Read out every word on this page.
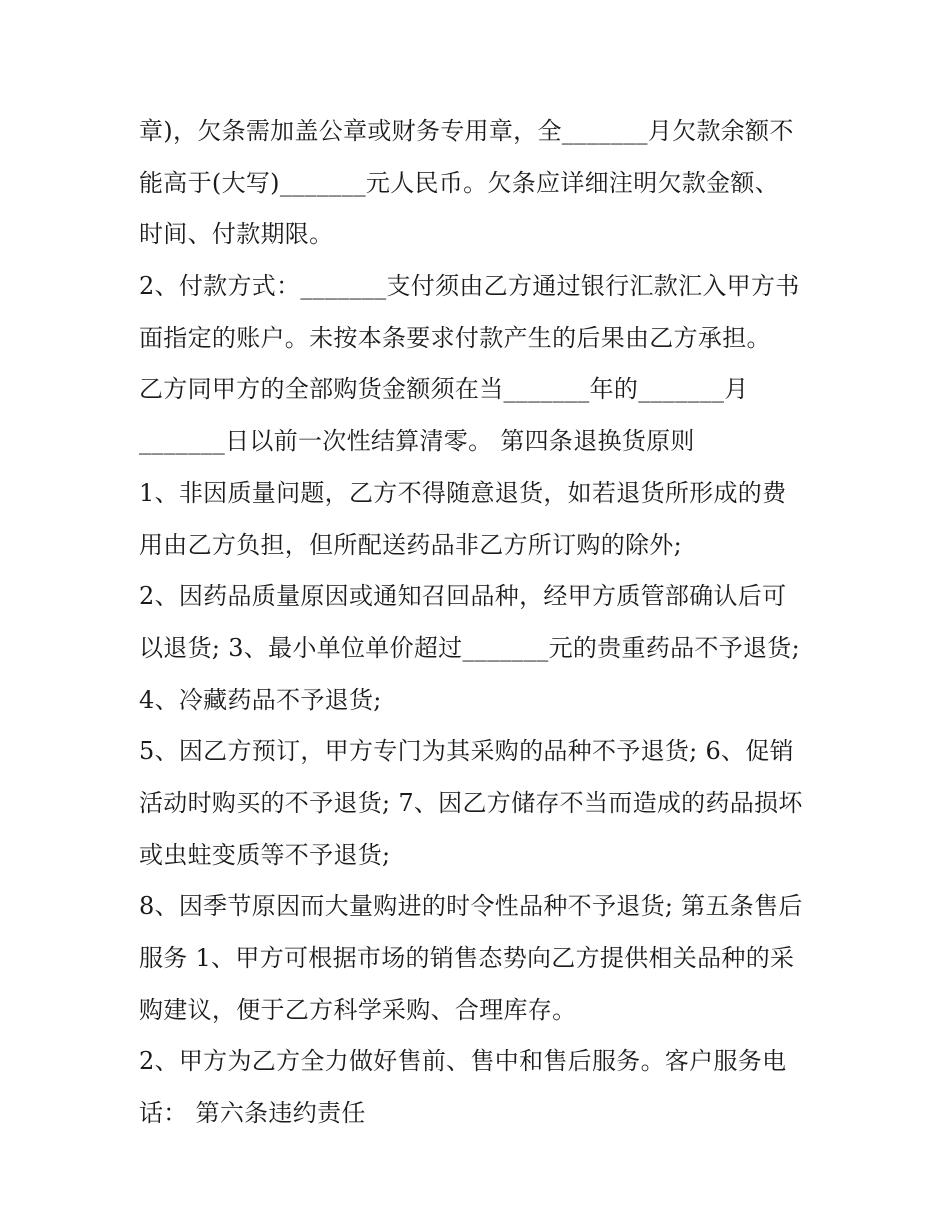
章)，欠条需加盖公章或财务专用章，全_______月欠款余额不
能高于(大写)_______元人民币。欠条应详细注明欠款金额、
时间、付款期限。
2、付款方式：_______支付须由乙方通过银行汇款汇入甲方书
面指定的账户。未按本条要求付款产生的后果由乙方承担。
乙方同甲方的全部购货金额须在当_______年的_______月
_______日以前一次性结算清零。 第四条退换货原则
1、非因质量问题，乙方不得随意退货，如若退货所形成的费
用由乙方负担，但所配送药品非乙方所订购的除外;
2、因药品质量原因或通知召回品种，经甲方质管部确认后可
以退货; 3、最小单位单价超过_______元的贵重药品不予退货;
4、冷藏药品不予退货;
5、因乙方预订，甲方专门为其采购的品种不予退货; 6、促销
活动时购买的不予退货; 7、因乙方储存不当而造成的药品损坏
或虫蛀变质等不予退货;
8、因季节原因而大量购进的时令性品种不予退货; 第五条售后
服务 1、甲方可根据市场的销售态势向乙方提供相关品种的采
购建议，便于乙方科学采购、合理库存。
2、甲方为乙方全力做好售前、售中和售后服务。客户服务电
话： 第六条违约责任
